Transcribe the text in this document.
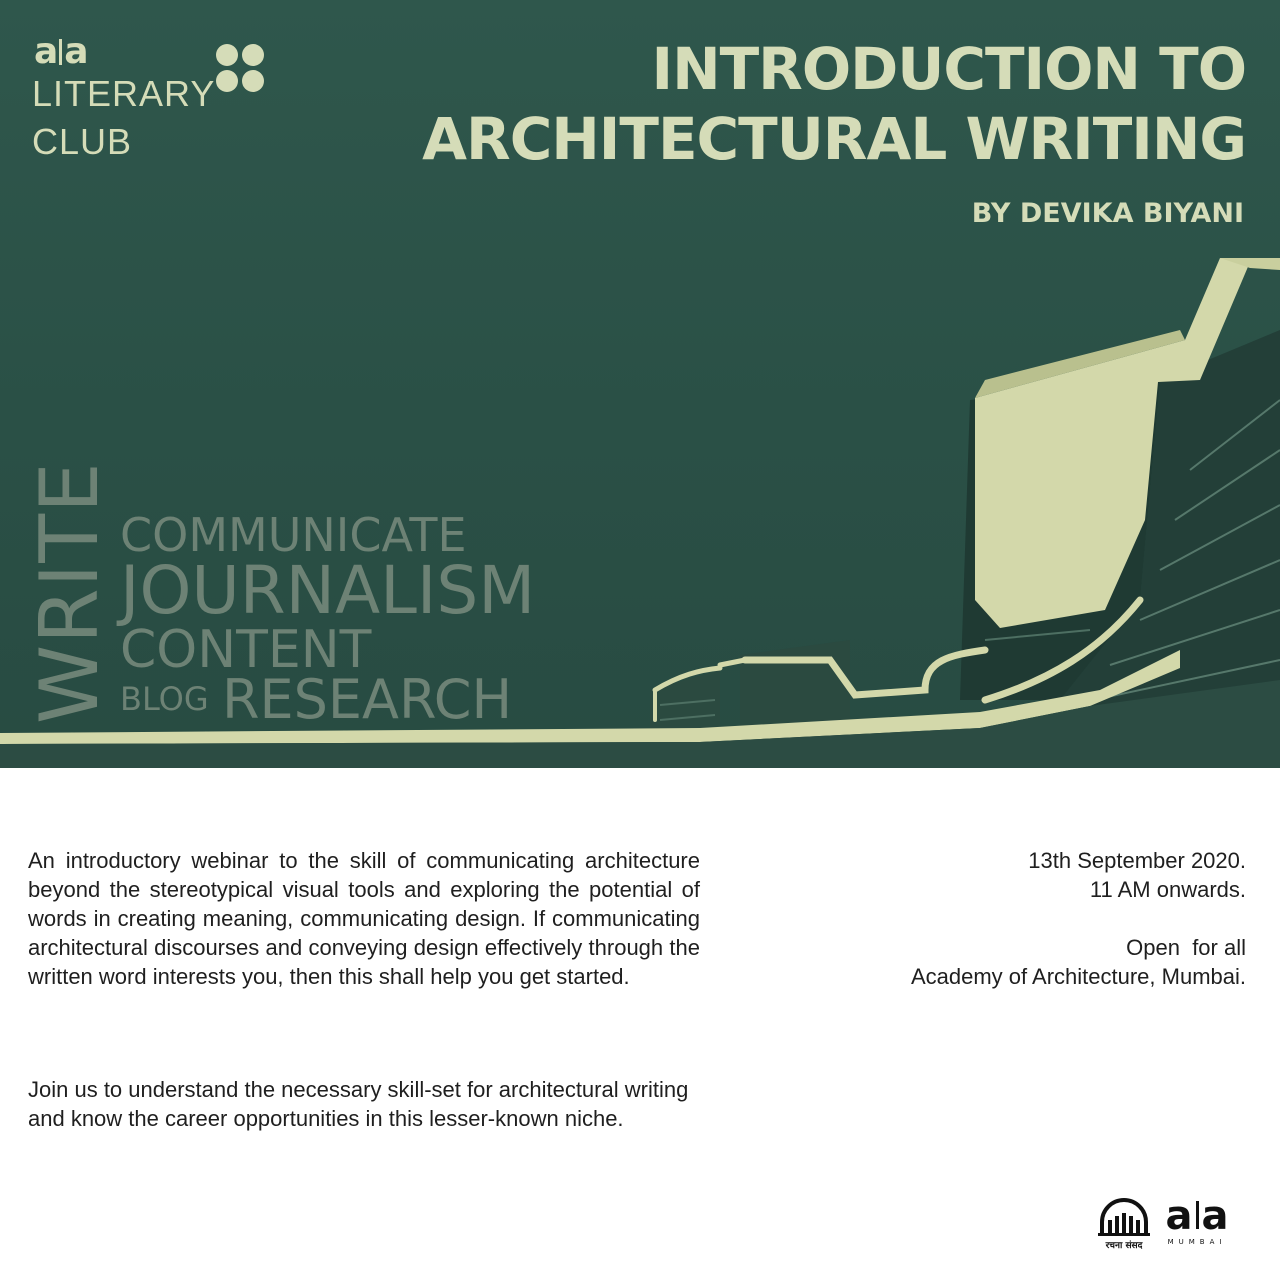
a a
LITERARY
CLUB
INTRODUCTION TO
ARCHITECTURAL WRITING
BY DEVIKA BIYANI
WRITE COMMUNICATE
JOURNALISM
CONTENT
BLOG RESEARCH

An introductory webinar to the skill of communicating architecture beyond the stereotypical visual tools and exploring the potential of words in creating meaning, communicating design. If communicating architectural discourses and conveying design effectively through the written word interests you, then this shall help you get started.

Join us to understand the necessary skill-set for architectural writing and know the career opportunities in this lesser-known niche.

13th September 2020.
11 AM onwards.
Open  for all
Academy of Architecture, Mumbai.
रचना संसद
a a
MUMBAI
